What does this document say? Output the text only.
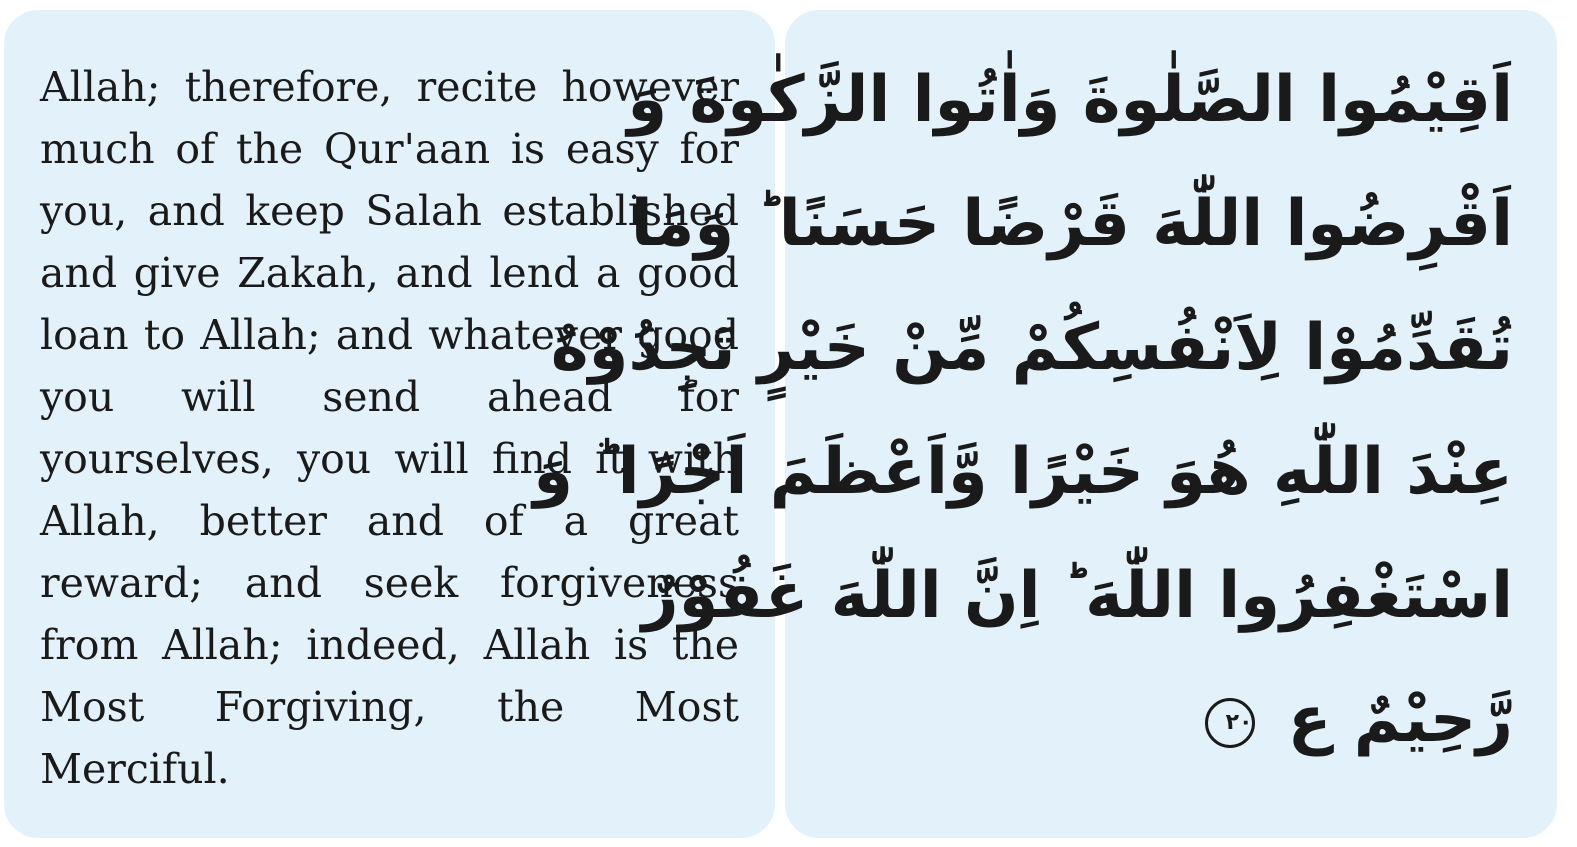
Allah; therefore, recite however much of the Qur'aan is easy for you, and keep Salah established and give Zakah, and lend a good loan to Allah; and whatever good you will send ahead for yourselves, you will find it with Allah, better and of a great reward; and seek forgiveness from Allah; indeed, Allah is the Most Forgiving, the Most Merciful.

اَقِيْمُوا الصَّلٰوةَ وَاٰتُوا الزَّكٰوةَ وَ
اَقْرِضُوا اللّٰهَ قَرْضًا حَسَنًا ؕ وَمَا
تُقَدِّمُوْا لِاَنْفُسِكُمْ مِّنْ خَيْرٍ تَجِدُوْهُ
عِنْدَ اللّٰهِ هُوَ خَيْرًا وَّاَعْظَمَ اَجْرًا ؕ وَ
اسْتَغْفِرُوا اللّٰهَ ؕ اِنَّ اللّٰهَ غَفُوْرٌ
رَّحِيْمٌ ع ٢٠
